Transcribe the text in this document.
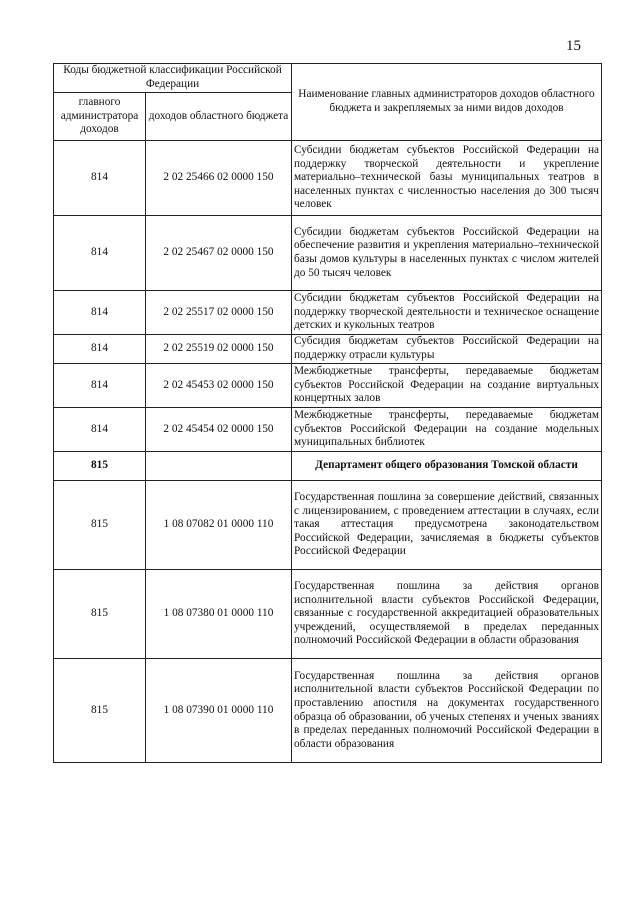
15
Коды бюджетной классификации Российской Федерации		Наименование главных администраторов доходов областного бюджета и закрепляемых за ними видов доходов
главного администратора доходов	доходов областного бюджета	
814	2 02 25466 02 0000 150	Субсидии бюджетам субъектов Российской Федерации на поддержку творческой деятельности и укрепление материально–технической базы муниципальных театров в населенных пунктах с численностью населения до 300 тысяч человек

814	2 02 25467 02 0000 150	Субсидии бюджетам субъектов Российской Федерации на обеспечение развития и укрепления материально–технической базы домов культуры в населенных пунктах с числом жителей до 50 тысяч человек

814	2 02 25517 02 0000 150	Субсидии бюджетам субъектов Российской Федерации на поддержку творческой деятельности и техническое оснащение детских и кукольных театров

814	2 02 25519 02 0000 150	Субсидия бюджетам субъектов Российской Федерации на поддержку отрасли культуры

814	2 02 45453 02 0000 150	Межбюджетные трансферты, передаваемые бюджетам субъектов Российской Федерации на создание виртуальных концертных залов

814	2 02 45454 02 0000 150	Межбюджетные трансферты, передаваемые бюджетам субъектов Российской Федерации на создание модельных муниципальных библиотек

815		Департамент общего образования Томской области

815	1 08 07082 01 0000 110	Государственная пошлина за совершение действий, связанных с лицензированием, с проведением аттестации в случаях, если такая аттестация предусмотрена законодательством Российской Федерации, зачисляемая в бюджеты субъектов Российской Федерации

815	1 08 07380 01 0000 110	Государственная пошлина за действия органов исполнительной власти субъектов Российской Федерации, связанные с государственной аккредитацией образовательных учреждений, осуществляемой в пределах переданных полномочий Российской Федерации в области образования

815	1 08 07390 01 0000 110	Государственная пошлина за действия органов исполнительной власти субъектов Российской Федерации по проставлению апостиля на документах государственного образца об образовании, об ученых степенях и ученых званиях в пределах переданных полномочий Российской Федерации в области образования
